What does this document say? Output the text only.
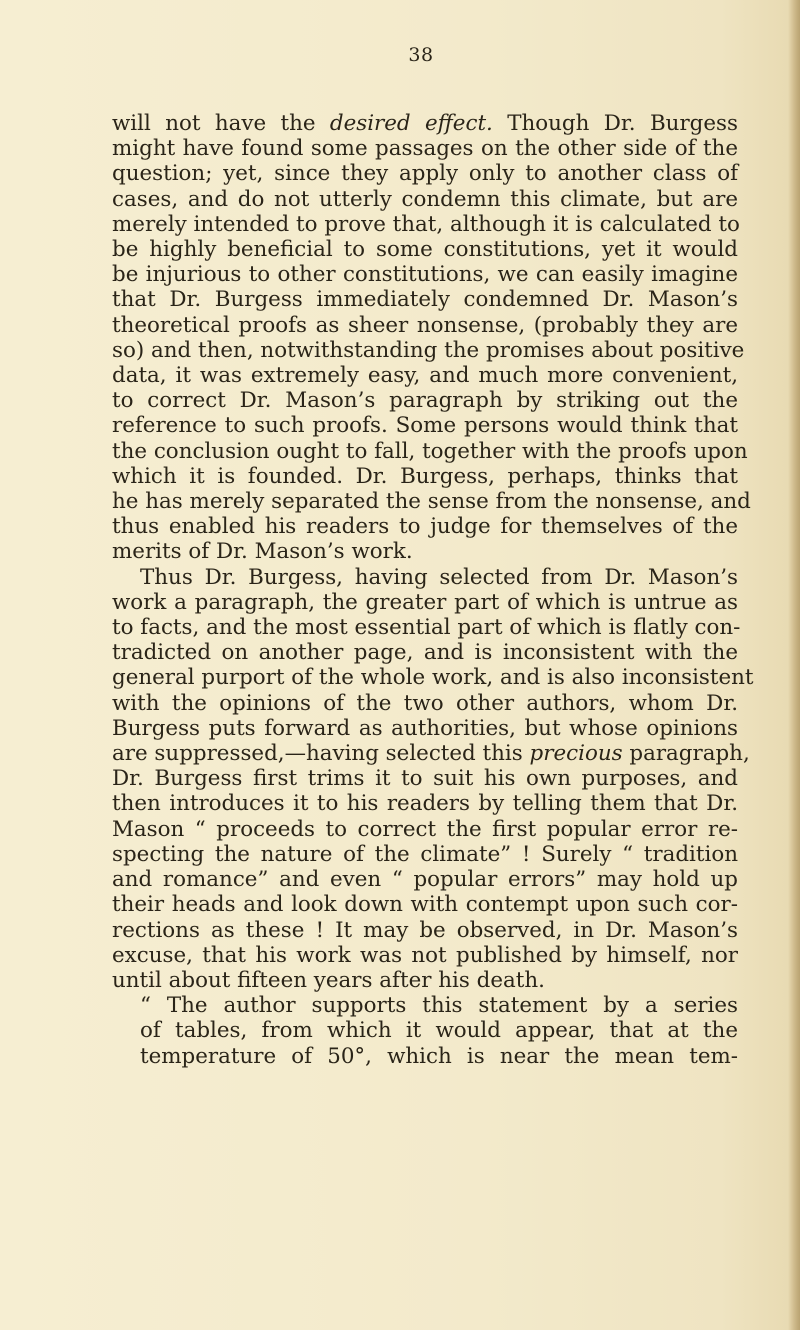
38
will not have the desired effect. Though Dr. Burgess
might have found some passages on the other side of the
question; yet, since they apply only to another class of
cases, and do not utterly condemn this climate, but are
merely intended to prove that, although it is calculated to
be highly beneficial to some constitutions, yet it would
be injurious to other constitutions, we can easily imagine
that Dr. Burgess immediately condemned Dr. Mason’s
theoretical proofs as sheer nonsense, (probably they are
so) and then, notwithstanding the promises about positive
data, it was extremely easy, and much more convenient,
to correct Dr. Mason’s paragraph by striking out the
reference to such proofs. Some persons would think that
the conclusion ought to fall, together with the proofs upon
which it is founded. Dr. Burgess, perhaps, thinks that
he has merely separated the sense from the nonsense, and
thus enabled his readers to judge for themselves of the
merits of Dr. Mason’s work.
Thus Dr. Burgess, having selected from Dr. Mason’s
work a paragraph, the greater part of which is untrue as
to facts, and the most essential part of which is flatly con-
tradicted on another page, and is inconsistent with the
general purport of the whole work, and is also inconsistent
with the opinions of the two other authors, whom Dr.
Burgess puts forward as authorities, but whose opinions
are suppressed,—having selected this precious paragraph,
Dr. Burgess first trims it to suit his own purposes, and
then introduces it to his readers by telling them that Dr.
Mason “ proceeds to correct the first popular error re-
specting the nature of the climate” ! Surely “ tradition
and romance” and even “ popular errors” may hold up
their heads and look down with contempt upon such cor-
rections as these ! It may be observed, in Dr. Mason’s
excuse, that his work was not published by himself, nor
until about fifteen years after his death.
“ The author supports this statement by a series
of tables, from which it would appear, that at the
temperature of 50°, which is near the mean tem-
